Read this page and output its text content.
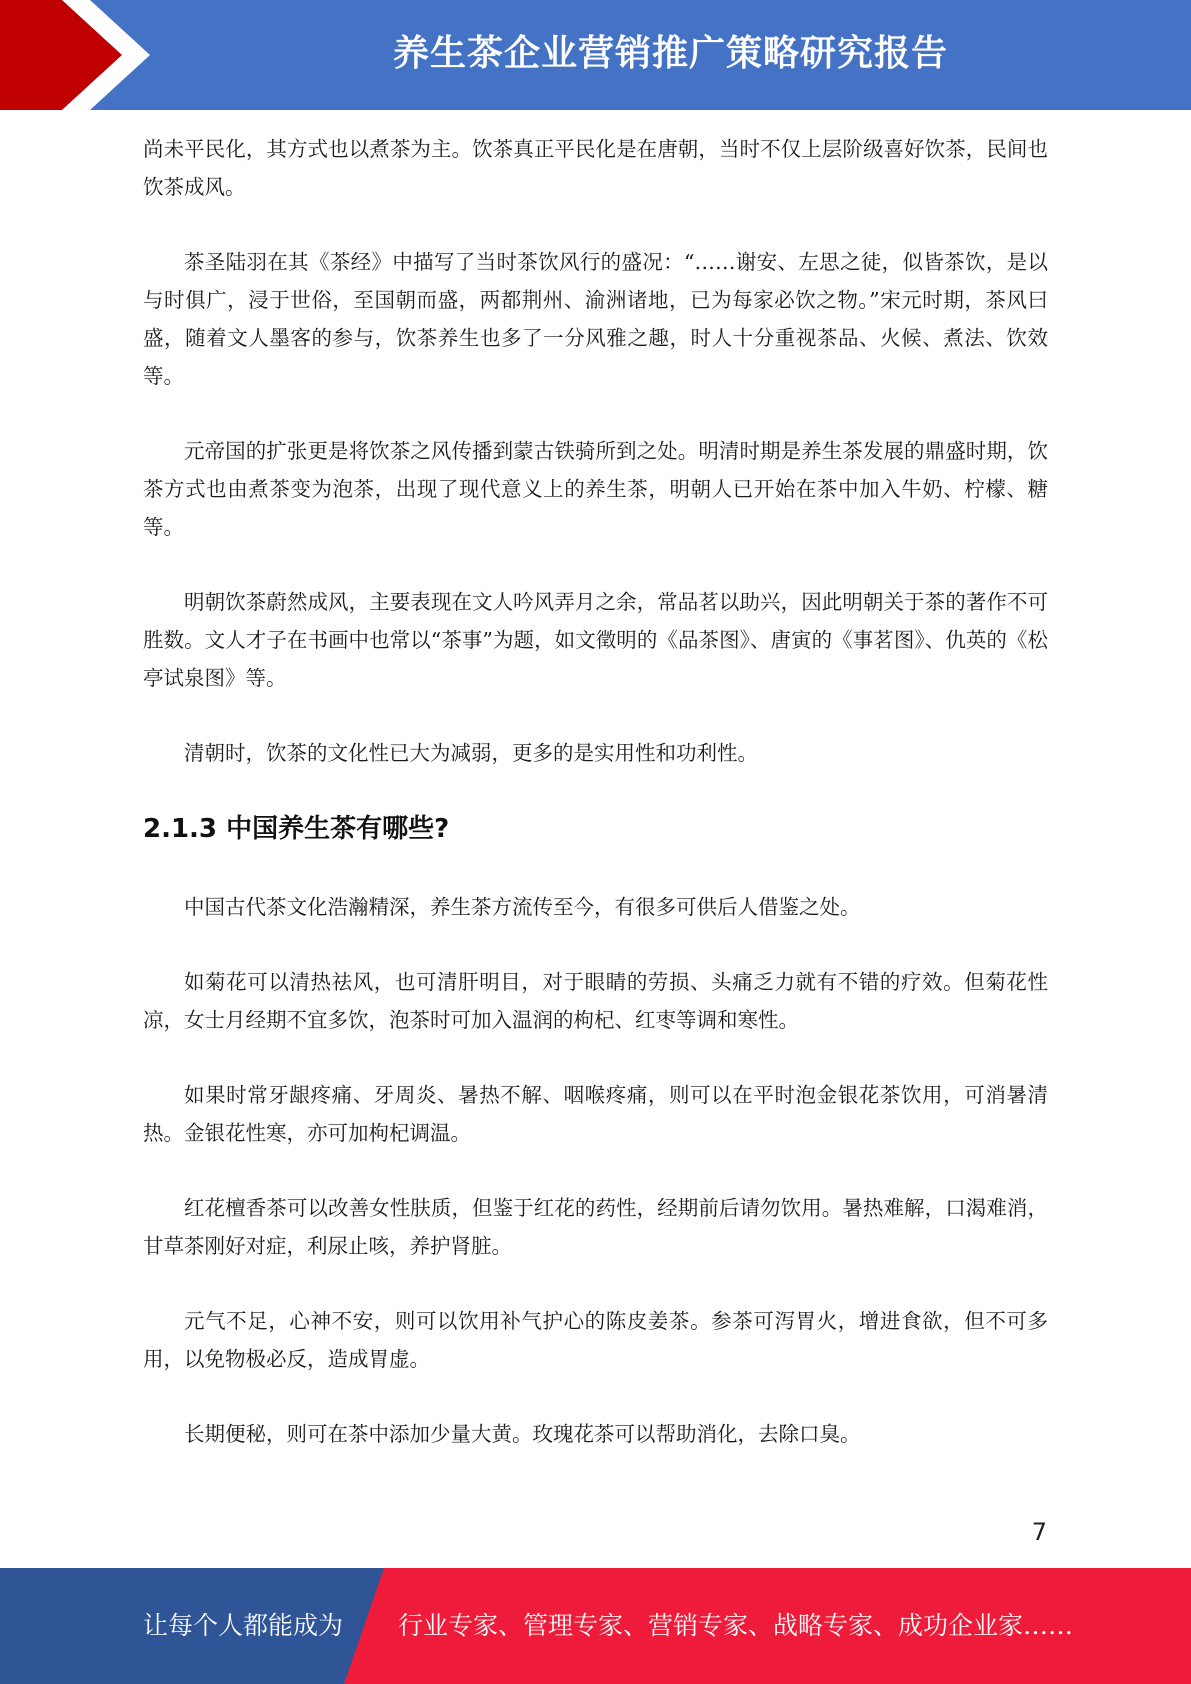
养生茶企业营销推广策略研究报告

尚未平民化，其方式也以煮茶为主。饮茶真正平民化是在唐朝，当时不仅上层阶级喜好饮茶，民间也饮茶成风。

茶圣陆羽在其《茶经》中描写了当时茶饮风行的盛况：“……谢安、左思之徒，似皆茶饮，是以与时俱广，浸于世俗，至国朝而盛，两都荆州、渝洲诸地，已为每家必饮之物。”宋元时期，茶风曰盛，随着文人墨客的参与，饮茶养生也多了一分风雅之趣，时人十分重视茶品、火候、煮法、饮效等。

元帝国的扩张更是将饮茶之风传播到蒙古铁骑所到之处。明清时期是养生茶发展的鼎盛时期，饮茶方式也由煮茶变为泡茶，出现了现代意义上的养生茶，明朝人已开始在茶中加入牛奶、柠檬、糖等。

明朝饮茶蔚然成风，主要表现在文人吟风弄月之余，常品茗以助兴，因此明朝关于茶的著作不可胜数。文人才子在书画中也常以“茶事”为题，如文徵明的《品茶图》、唐寅的《事茗图》、仇英的《松亭试泉图》等。

清朝时，饮茶的文化性已大为减弱，更多的是实用性和功利性。

2.1.3 中国养生茶有哪些?

中国古代茶文化浩瀚精深，养生茶方流传至今，有很多可供后人借鉴之处。

如菊花可以清热祛风，也可清肝明目，对于眼睛的劳损、头痛乏力就有不错的疗效。但菊花性凉，女士月经期不宜多饮，泡茶时可加入温润的枸杞、红枣等调和寒性。

如果时常牙龈疼痛、牙周炎、暑热不解、咽喉疼痛，则可以在平时泡金银花茶饮用，可消暑清热。金银花性寒，亦可加枸杞调温。

红花檀香茶可以改善女性肤质，但鉴于红花的药性，经期前后请勿饮用。暑热难解，口渴难消，甘草茶刚好对症，利尿止咳，养护肾脏。

元气不足，心神不安，则可以饮用补气护心的陈皮姜茶。参茶可泻胃火，增进食欲，但不可多用，以免物极必反，造成胃虚。

长期便秘，则可在茶中添加少量大黄。玫瑰花茶可以帮助消化，去除口臭。

7
让每个人都能成为 行业专家、管理专家、营销专家、战略专家、成功企业家……
